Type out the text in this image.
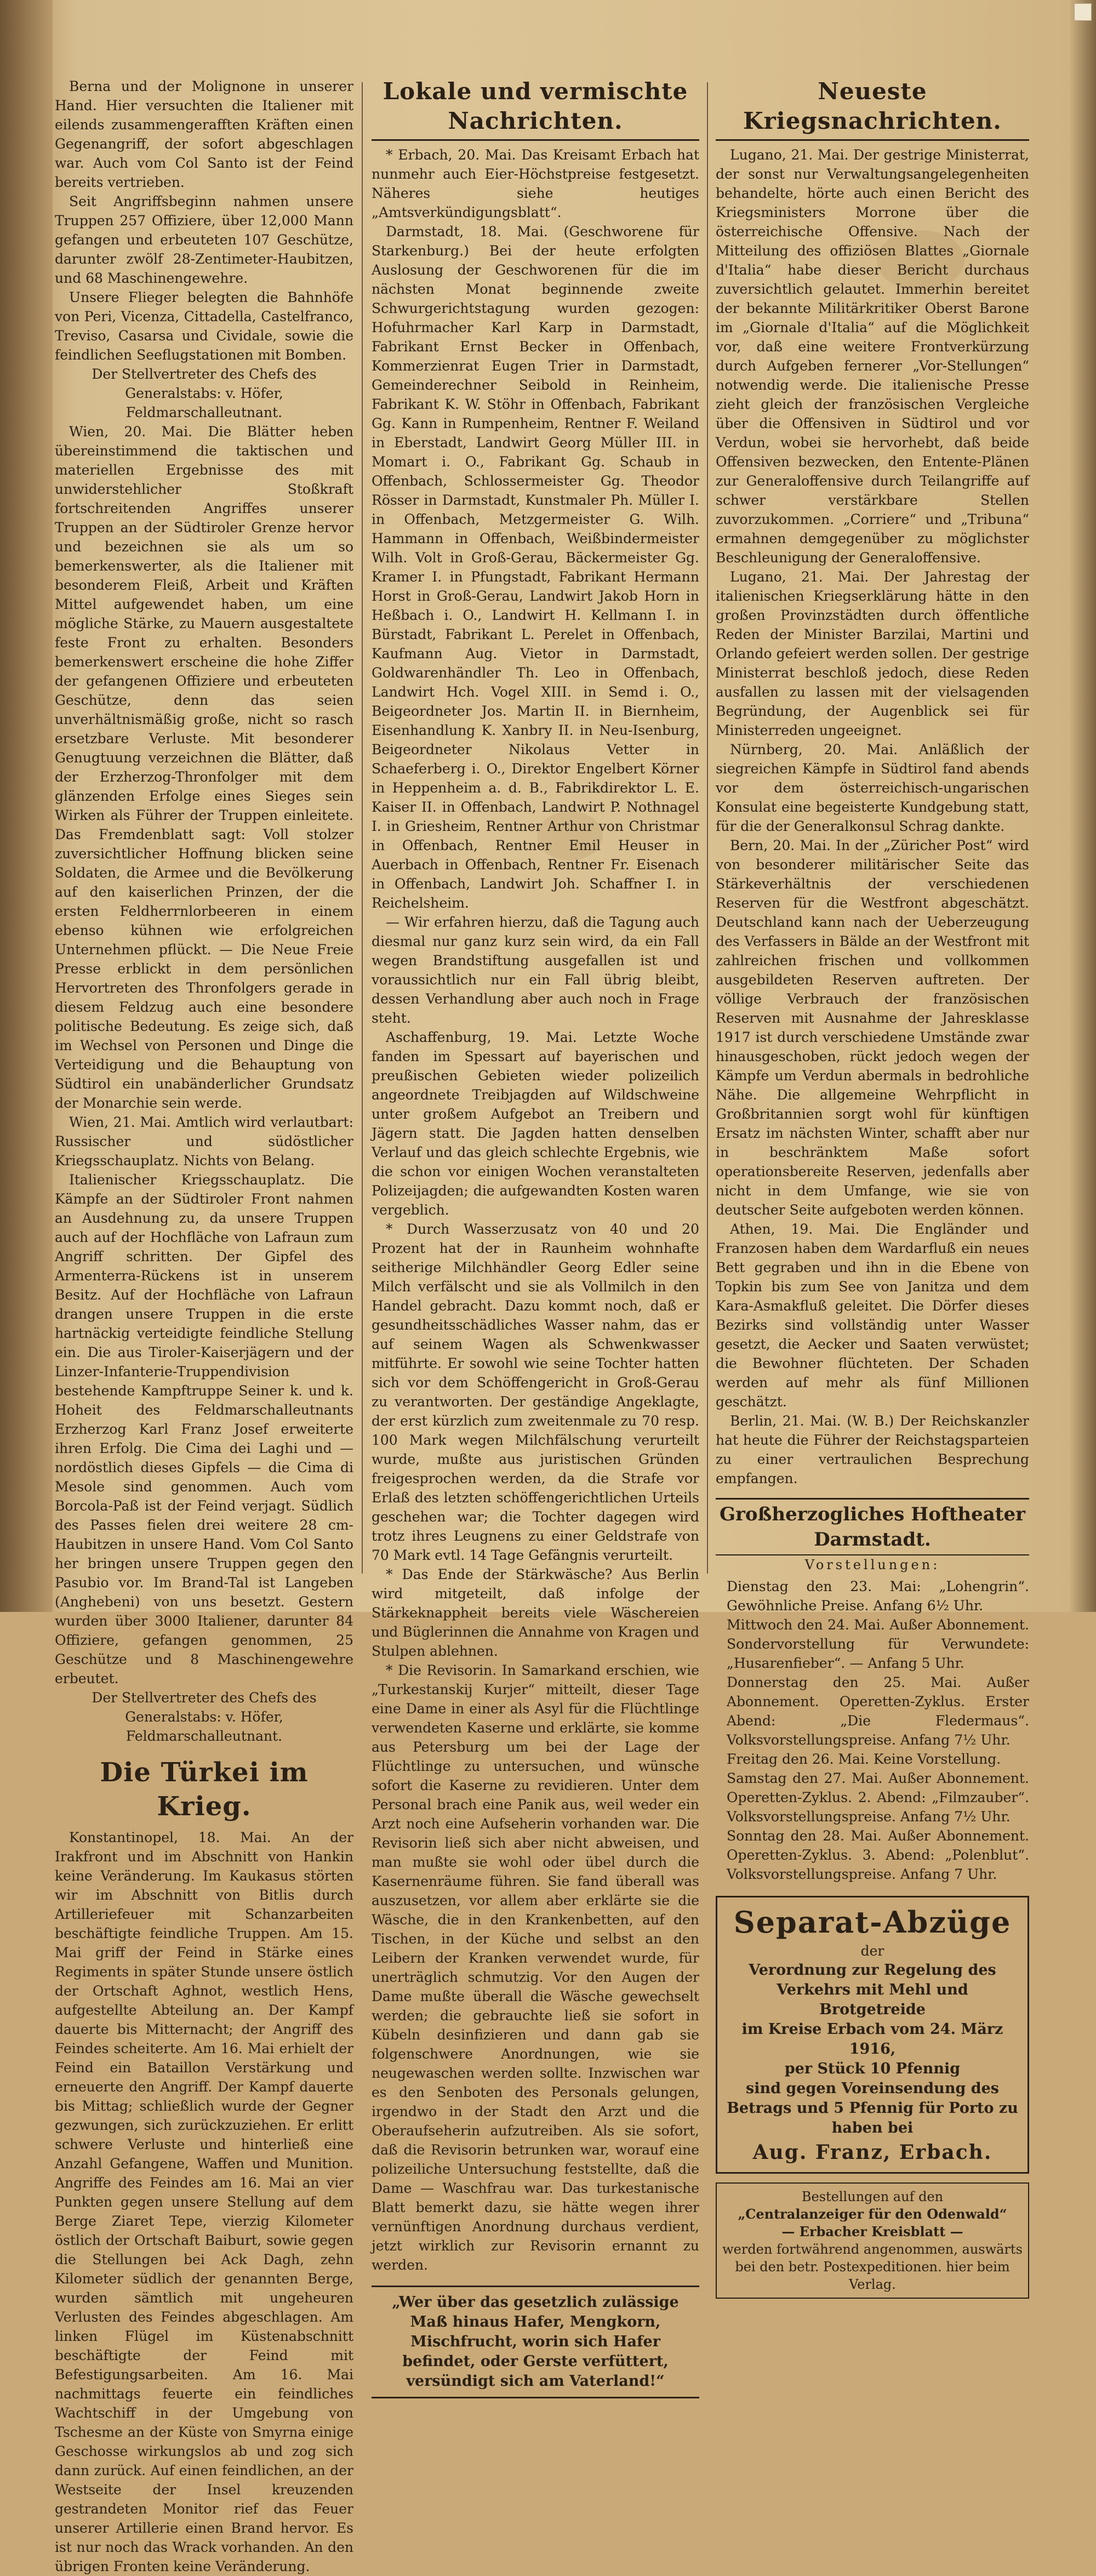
Berna und der Molignone in unserer Hand. Hier versuchten die Italiener mit eilends zusammengerafften Kräften einen Gegenangriff, der sofort abgeschlagen war. Auch vom Col Santo ist der Feind bereits vertrieben.

Seit Angriffsbeginn nahmen unsere Truppen 257 Offiziere, über 12,000 Mann gefangen und erbeuteten 107 Geschütze, darunter zwölf 28-Zentimeter-Haubitzen, und 68 Maschinengewehre.

Unsere Flieger belegten die Bahnhöfe von Peri, Vicenza, Cittadella, Castelfranco, Treviso, Casarsa und Cividale, sowie die feindlichen Seeflugstationen mit Bomben.

Der Stellvertreter des Chefs des Generalstabs: v. Höfer, Feldmarschalleutnant.

Wien, 20. Mai. Die Blätter heben übereinstimmend die taktischen und materiellen Ergebnisse des mit unwiderstehlicher Stoßkraft fortschreitenden Angriffes unserer Truppen an der Südtiroler Grenze hervor und bezeichnen sie als um so bemerkenswerter, als die Italiener mit besonderem Fleiß, Arbeit und Kräften Mittel aufgewendet haben, um eine mögliche Stärke, zu Mauern ausgestaltete feste Front zu erhalten. Besonders bemerkenswert erscheine die hohe Ziffer der gefangenen Offiziere und erbeuteten Geschütze, denn das seien unverhältnismäßig große, nicht so rasch ersetzbare Verluste. Mit besonderer Genugtuung verzeichnen die Blätter, daß der Erzherzog-Thronfolger mit dem glänzenden Erfolge eines Sieges sein Wirken als Führer der Truppen einleitete. Das Fremdenblatt sagt: Voll stolzer zuversichtlicher Hoffnung blicken seine Soldaten, die Armee und die Bevölkerung auf den kaiserlichen Prinzen, der die ersten Feldherrnlorbeeren in einem ebenso kühnen wie erfolgreichen Unternehmen pflückt. — Die Neue Freie Presse erblickt in dem persönlichen Hervortreten des Thronfolgers gerade in diesem Feldzug auch eine besondere politische Bedeutung. Es zeige sich, daß im Wechsel von Personen und Dinge die Verteidigung und die Behauptung von Südtirol ein unabänderlicher Grundsatz der Monarchie sein werde.

Wien, 21. Mai. Amtlich wird verlautbart: Russischer und südöstlicher Kriegsschauplatz. Nichts von Belang.

Italienischer Kriegsschauplatz. Die Kämpfe an der Südtiroler Front nahmen an Ausdehnung zu, da unsere Truppen auch auf der Hochfläche von Lafraun zum Angriff schritten. Der Gipfel des Armenterra-Rückens ist in unserem Besitz. Auf der Hochfläche von Lafraun drangen unsere Truppen in die erste hartnäckig verteidigte feindliche Stellung ein. Die aus Tiroler-Kaiserjägern und der Linzer-Infanterie-Truppendivision bestehende Kampftruppe Seiner k. und k. Hoheit des Feldmarschalleutnants Erzherzog Karl Franz Josef erweiterte ihren Erfolg. Die Cima dei Laghi und — nordöstlich dieses Gipfels — die Cima di Mesole sind genommen. Auch vom Borcola-Paß ist der Feind verjagt. Südlich des Passes fielen drei weitere 28 cm-Haubitzen in unsere Hand. Vom Col Santo her bringen unsere Truppen gegen den Pasubio vor. Im Brand-Tal ist Langeben (Anghebeni) von uns besetzt. Gestern wurden über 3000 Italiener, darunter 84 Offiziere, gefangen genommen, 25 Geschütze und 8 Maschinengewehre erbeutet.

Der Stellvertreter des Chefs des Generalstabs: v. Höfer, Feldmarschalleutnant.

Die Türkei im Krieg.

Konstantinopel, 18. Mai. An der Irakfront und im Abschnitt von Hankin keine Veränderung. Im Kaukasus störten wir im Abschnitt von Bitlis durch Artilleriefeuer mit Schanzarbeiten beschäftigte feindliche Truppen. Am 15. Mai griff der Feind in Stärke eines Regiments in später Stunde unsere östlich der Ortschaft Aghnot, westlich Hens, aufgestellte Abteilung an. Der Kampf dauerte bis Mitternacht; der Angriff des Feindes scheiterte. Am 16. Mai erhielt der Feind ein Bataillon Verstärkung und erneuerte den Angriff. Der Kampf dauerte bis Mittag; schließlich wurde der Gegner gezwungen, sich zurückzuziehen. Er erlitt schwere Verluste und hinterließ eine Anzahl Gefangene, Waffen und Munition. Angriffe des Feindes am 16. Mai an vier Punkten gegen unsere Stellung auf dem Berge Ziaret Tepe, vierzig Kilometer östlich der Ortschaft Baiburt, sowie gegen die Stellungen bei Ack Dagh, zehn Kilometer südlich der genannten Berge, wurden sämtlich mit ungeheuren Verlusten des Feindes abgeschlagen. Am linken Flügel im Küstenabschnitt beschäftigte der Feind mit Befestigungsarbeiten. Am 16. Mai nachmittags feuerte ein feindliches Wachtschiff in der Umgebung von Tschesme an der Küste von Smyrna einige Geschosse wirkungslos ab und zog sich dann zurück. Auf einen feindlichen, an der Westseite der Insel kreuzenden gestrandeten Monitor rief das Feuer unserer Artillerie einen Brand hervor. Es ist nur noch das Wrack vorhanden. An den übrigen Fronten keine Veränderung.

Lokale und vermischte Nachrichten.

* Erbach, 20. Mai. Das Kreisamt Erbach hat nunmehr auch Eier-Höchstpreise festgesetzt. Näheres siehe heutiges „Amtsverkündigungsblatt“.

Darmstadt, 18. Mai. (Geschworene für Starkenburg.) Bei der heute erfolgten Auslosung der Geschworenen für die im nächsten Monat beginnende zweite Schwurgerichtstagung wurden gezogen: Hofuhrmacher Karl Karp in Darmstadt, Fabrikant Ernst Becker in Offenbach, Kommerzienrat Eugen Trier in Darmstadt, Gemeinderechner Seibold in Reinheim, Fabrikant K. W. Stöhr in Offenbach, Fabrikant Gg. Kann in Rumpenheim, Rentner F. Weiland in Eberstadt, Landwirt Georg Müller III. in Momart i. O., Fabrikant Gg. Schaub in Offenbach, Schlossermeister Gg. Theodor Rösser in Darmstadt, Kunstmaler Ph. Müller I. in Offenbach, Metzgermeister G. Wilh. Hammann in Offenbach, Weißbindermeister Wilh. Volt in Groß-Gerau, Bäckermeister Gg. Kramer I. in Pfungstadt, Fabrikant Hermann Horst in Groß-Gerau, Landwirt Jakob Horn in Heßbach i. O., Landwirt H. Kellmann I. in Bürstadt, Fabrikant L. Perelet in Offenbach, Kaufmann Aug. Vietor in Darmstadt, Goldwarenhändler Th. Leo in Offenbach, Landwirt Hch. Vogel XIII. in Semd i. O., Beigeordneter Jos. Martin II. in Biernheim, Eisenhandlung K. Xanbry II. in Neu-Isenburg, Beigeordneter Nikolaus Vetter in Schaeferberg i. O., Direktor Engelbert Körner in Heppenheim a. d. B., Fabrikdirektor L. E. Kaiser II. in Offenbach, Landwirt P. Nothnagel I. in Griesheim, Rentner Arthur von Christmar in Offenbach, Rentner Emil Heuser in Auerbach in Offenbach, Rentner Fr. Eisenach in Offenbach, Landwirt Joh. Schaffner I. in Reichelsheim.

— Wir erfahren hierzu, daß die Tagung auch diesmal nur ganz kurz sein wird, da ein Fall wegen Brandstiftung ausgefallen ist und voraussichtlich nur ein Fall übrig bleibt, dessen Verhandlung aber auch noch in Frage steht.

Aschaffenburg, 19. Mai. Letzte Woche fanden im Spessart auf bayerischen und preußischen Gebieten wieder polizeilich angeordnete Treibjagden auf Wildschweine unter großem Aufgebot an Treibern und Jägern statt. Die Jagden hatten denselben Verlauf und das gleich schlechte Ergebnis, wie die schon vor einigen Wochen veranstalteten Polizeijagden; die aufgewandten Kosten waren vergeblich.

* Durch Wasserzusatz von 40 und 20 Prozent hat der in Raunheim wohnhafte seitherige Milchhändler Georg Edler seine Milch verfälscht und sie als Vollmilch in den Handel gebracht. Dazu kommt noch, daß er gesundheitsschädliches Wasser nahm, das er auf seinem Wagen als Schwenkwasser mitführte. Er sowohl wie seine Tochter hatten sich vor dem Schöffengericht in Groß-Gerau zu verantworten. Der geständige Angeklagte, der erst kürzlich zum zweitenmale zu 70 resp. 100 Mark wegen Milchfälschung verurteilt wurde, mußte aus juristischen Gründen freigesprochen werden, da die Strafe vor Erlaß des letzten schöffengerichtlichen Urteils geschehen war; die Tochter dagegen wird trotz ihres Leugnens zu einer Geldstrafe von 70 Mark evtl. 14 Tage Gefängnis verurteilt.

* Das Ende der Stärkwäsche? Aus Berlin wird mitgeteilt, daß infolge der Stärkeknappheit bereits viele Wäschereien und Büglerinnen die Annahme von Kragen und Stulpen ablehnen.

* Die Revisorin. In Samarkand erschien, wie „Turkestanskij Kurjer“ mitteilt, dieser Tage eine Dame in einer als Asyl für die Flüchtlinge verwendeten Kaserne und erklärte, sie komme aus Petersburg um bei der Lage der Flüchtlinge zu untersuchen, und wünsche sofort die Kaserne zu revidieren. Unter dem Personal brach eine Panik aus, weil weder ein Arzt noch eine Aufseherin vorhanden war. Die Revisorin ließ sich aber nicht abweisen, und man mußte sie wohl oder übel durch die Kasernenräume führen. Sie fand überall was auszusetzen, vor allem aber erklärte sie die Wäsche, die in den Krankenbetten, auf den Tischen, in der Küche und selbst an den Leibern der Kranken verwendet wurde, für unerträglich schmutzig. Vor den Augen der Dame mußte überall die Wäsche gewechselt werden; die gebrauchte ließ sie sofort in Kübeln desinfizieren und dann gab sie folgenschwere Anordnungen, wie sie neugewaschen werden sollte. Inzwischen war es den Senboten des Personals gelungen, irgendwo in der Stadt den Arzt und die Oberaufseherin aufzutreiben. Als sie sofort, daß die Revisorin betrunken war, worauf eine polizeiliche Untersuchung feststellte, daß die Dame — Waschfrau war. Das turkestanische Blatt bemerkt dazu, sie hätte wegen ihrer vernünftigen Anordnung durchaus verdient, jetzt wirklich zur Revisorin ernannt zu werden.

„Wer über das gesetzlich zulässige Maß hinaus Hafer, Mengkorn, Mischfrucht, worin sich Hafer befindet, oder Gerste verfüttert, versündigt sich am Vaterland!“
Neueste Kriegsnachrichten.

Lugano, 21. Mai. Der gestrige Ministerrat, der sonst nur Verwaltungsangelegenheiten behandelte, hörte auch einen Bericht des Kriegsministers Morrone über die österreichische Offensive. Nach der Mitteilung des offiziösen Blattes „Giornale d'Italia“ habe dieser Bericht durchaus zuversichtlich gelautet. Immerhin bereitet der bekannte Militärkritiker Oberst Barone im „Giornale d'Italia“ auf die Möglichkeit vor, daß eine weitere Frontverkürzung durch Aufgeben fernerer „Vor-Stellungen“ notwendig werde. Die italienische Presse zieht gleich der französischen Vergleiche über die Offensiven in Südtirol und vor Verdun, wobei sie hervorhebt, daß beide Offensiven bezwecken, den Entente-Plänen zur Generaloffensive durch Teilangriffe auf schwer verstärkbare Stellen zuvorzukommen. „Corriere“ und „Tribuna“ ermahnen demgegenüber zu möglichster Beschleunigung der Generaloffensive.

Lugano, 21. Mai. Der Jahrestag der italienischen Kriegserklärung hätte in den großen Provinzstädten durch öffentliche Reden der Minister Barzilai, Martini und Orlando gefeiert werden sollen. Der gestrige Ministerrat beschloß jedoch, diese Reden ausfallen zu lassen mit der vielsagenden Begründung, der Augenblick sei für Ministerreden ungeeignet.

Nürnberg, 20. Mai. Anläßlich der siegreichen Kämpfe in Südtirol fand abends vor dem österreichisch-ungarischen Konsulat eine begeisterte Kundgebung statt, für die der Generalkonsul Schrag dankte.

Bern, 20. Mai. In der „Züricher Post“ wird von besonderer militärischer Seite das Stärkeverhältnis der verschiedenen Reserven für die Westfront abgeschätzt. Deutschland kann nach der Ueberzeugung des Verfassers in Bälde an der Westfront mit zahlreichen frischen und vollkommen ausgebildeten Reserven auftreten. Der völlige Verbrauch der französischen Reserven mit Ausnahme der Jahresklasse 1917 ist durch verschiedene Umstände zwar hinausgeschoben, rückt jedoch wegen der Kämpfe um Verdun abermals in bedrohliche Nähe. Die allgemeine Wehrpflicht in Großbritannien sorgt wohl für künftigen Ersatz im nächsten Winter, schafft aber nur in beschränktem Maße sofort operationsbereite Reserven, jedenfalls aber nicht in dem Umfange, wie sie von deutscher Seite aufgeboten werden können.

Athen, 19. Mai. Die Engländer und Franzosen haben dem Wardarfluß ein neues Bett gegraben und ihn in die Ebene von Topkin bis zum See von Janitza und dem Kara-Asmakfluß geleitet. Die Dörfer dieses Bezirks sind vollständig unter Wasser gesetzt, die Aecker und Saaten verwüstet; die Bewohner flüchteten. Der Schaden werden auf mehr als fünf Millionen geschätzt.

Berlin, 21. Mai. (W. B.) Der Reichskanzler hat heute die Führer der Reichstagsparteien zu einer vertraulichen Besprechung empfangen.

Großherzogliches Hoftheater Darmstadt.
Vorstellungen:
Dienstag den 23. Mai: „Lohengrin“. Gewöhnliche Preise. Anfang 6½ Uhr.
Mittwoch den 24. Mai. Außer Abonnement. Sondervorstellung für Verwundete: „Husarenfieber“. — Anfang 5 Uhr.
Donnerstag den 25. Mai. Außer Abonnement. Operetten-Zyklus. Erster Abend: „Die Fledermaus“. Volksvorstellungspreise. Anfang 7½ Uhr.
Freitag den 26. Mai. Keine Vorstellung.
Samstag den 27. Mai. Außer Abonnement. Operetten-Zyklus. 2. Abend: „Filmzauber“. Volksvorstellungspreise. Anfang 7½ Uhr.
Sonntag den 28. Mai. Außer Abonnement. Operetten-Zyklus. 3. Abend: „Polenblut“. Volksvorstellungspreise. Anfang 7 Uhr.
Separat-Abzüge
der
Verordnung zur Regelung des Verkehrs mit Mehl und Brotgetreide
im Kreise Erbach vom 24. März 1916,
per Stück 10 Pfennig
sind gegen Voreinsendung des Betrags und 5 Pfennig für Porto zu haben bei
Aug. Franz, Erbach.
Bestellungen auf den
„Centralanzeiger für den Odenwald“
— Erbacher Kreisblatt —
werden fortwährend angenommen, auswärts bei den betr. Postexpeditionen. hier beim Verlag.
